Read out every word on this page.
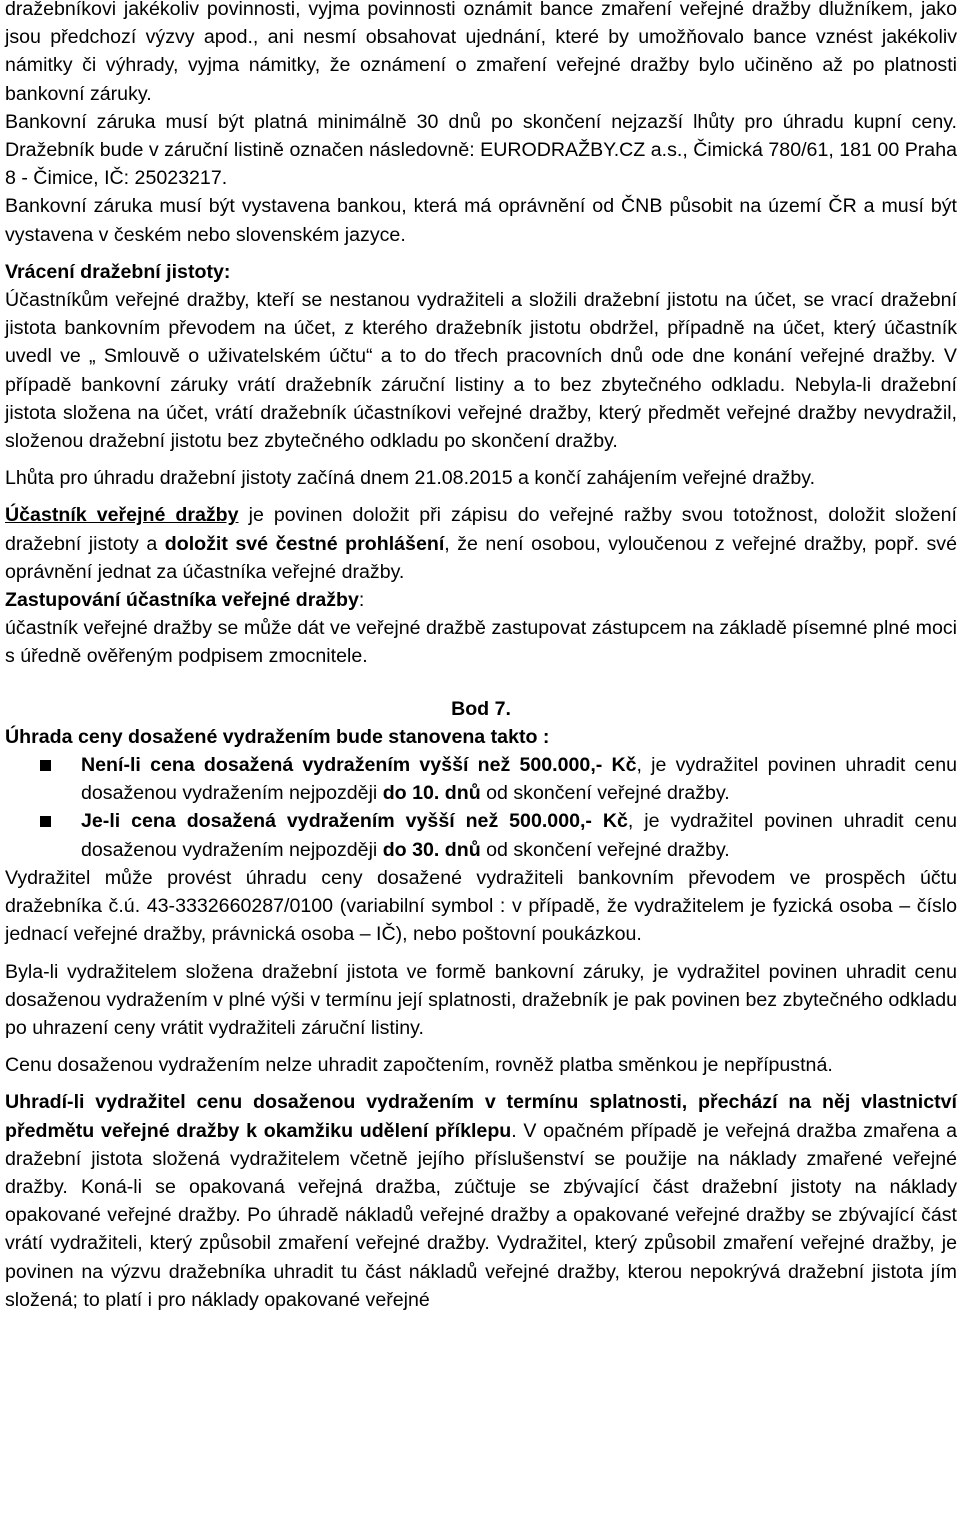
dražebníkovi jakékoliv povinnosti, vyjma povinnosti oznámit bance zmaření veřejné dražby dlužníkem, jako jsou předchozí výzvy apod., ani nesmí obsahovat ujednání, které by umožňovalo bance vznést jakékoliv námitky či výhrady, vyjma námitky, že oznámení o zmaření veřejné dražby bylo učiněno až po platnosti bankovní záruky.

Bankovní záruka musí být platná minimálně 30 dnů po skončení nejzazší lhůty pro úhradu kupní ceny. Dražebník bude v záruční listině označen následovně: EURODRAŽBY.CZ a.s., Čimická 780/61, 181 00 Praha 8 - Čimice, IČ: 25023217.

Bankovní záruka musí být vystavena bankou, která má oprávnění od ČNB působit na území ČR a musí být vystavena v českém nebo slovenském jazyce.

Vrácení dražební jistoty:

Účastníkům veřejné dražby, kteří se nestanou vydražiteli a složili dražební jistotu na účet, se vrací dražební jistota bankovním převodem na účet, z kterého dražebník jistotu obdržel, případně na účet, který účastník uvedl ve „ Smlouvě o uživatelském účtu“ a to do třech pracovních dnů ode dne konání veřejné dražby. V případě bankovní záruky vrátí dražebník záruční listiny a to bez zbytečného odkladu. Nebyla-li dražební jistota složena na účet, vrátí dražebník účastníkovi veřejné dražby, který předmět veřejné dražby nevydražil, složenou dražební jistotu bez zbytečného odkladu po skončení dražby.

Lhůta pro úhradu dražební jistoty začíná dnem 21.08.2015 a končí zahájením veřejné dražby.

Účastník veřejné dražby je povinen doložit při zápisu do veřejné ražby svou totožnost, doložit složení dražební jistoty a doložit své čestné prohlášení, že není osobou, vyloučenou z veřejné dražby, popř. své oprávnění jednat za účastníka veřejné dražby.

Zastupování účastníka veřejné dražby:

účastník veřejné dražby se může dát ve veřejné dražbě zastupovat zástupcem na základě písemné plné moci s úředně ověřeným podpisem zmocnitele.

Bod 7.

Úhrada ceny dosažené vydražením bude stanovena takto :

Není-li cena dosažená vydražením vyšší než 500.000,- Kč, je vydražitel povinen uhradit cenu dosaženou vydražením nejpozději do 10. dnů od skončení veřejné dražby.
Je-li cena dosažená vydražením vyšší než 500.000,- Kč, je vydražitel povinen uhradit cenu dosaženou vydražením nejpozději do 30. dnů od skončení veřejné dražby.

Vydražitel může provést úhradu ceny dosažené vydražiteli bankovním převodem ve prospěch účtu dražebníka č.ú. 43-3332660287/0100 (variabilní symbol : v případě, že vydražitelem je fyzická osoba – číslo jednací veřejné dražby, právnická osoba – IČ), nebo poštovní poukázkou.

Byla-li vydražitelem složena dražební jistota ve formě bankovní záruky, je vydražitel povinen uhradit cenu dosaženou vydražením v plné výši v termínu její splatnosti, dražebník je pak povinen bez zbytečného odkladu po uhrazení ceny vrátit vydražiteli záruční listiny.

Cenu dosaženou vydražením nelze uhradit započtením, rovněž platba směnkou je nepřípustná.

Uhradí-li vydražitel cenu dosaženou vydražením v termínu splatnosti, přechází na něj vlastnictví předmětu veřejné dražby k okamžiku udělení příklepu. V opačném případě je veřejná dražba zmařena a dražební jistota složená vydražitelem včetně jejího příslušenství se použije na náklady zmařené veřejné dražby. Koná-li se opakovaná veřejná dražba, zúčtuje se zbývající část dražební jistoty na náklady opakované veřejné dražby. Po úhradě nákladů veřejné dražby a opakované veřejné dražby se zbývající část vrátí vydražiteli, který způsobil zmaření veřejné dražby. Vydražitel, který způsobil zmaření veřejné dražby, je povinen na výzvu dražebníka uhradit tu část nákladů veřejné dražby, kterou nepokrývá dražební jistota jím složená; to platí i pro náklady opakované veřejné
